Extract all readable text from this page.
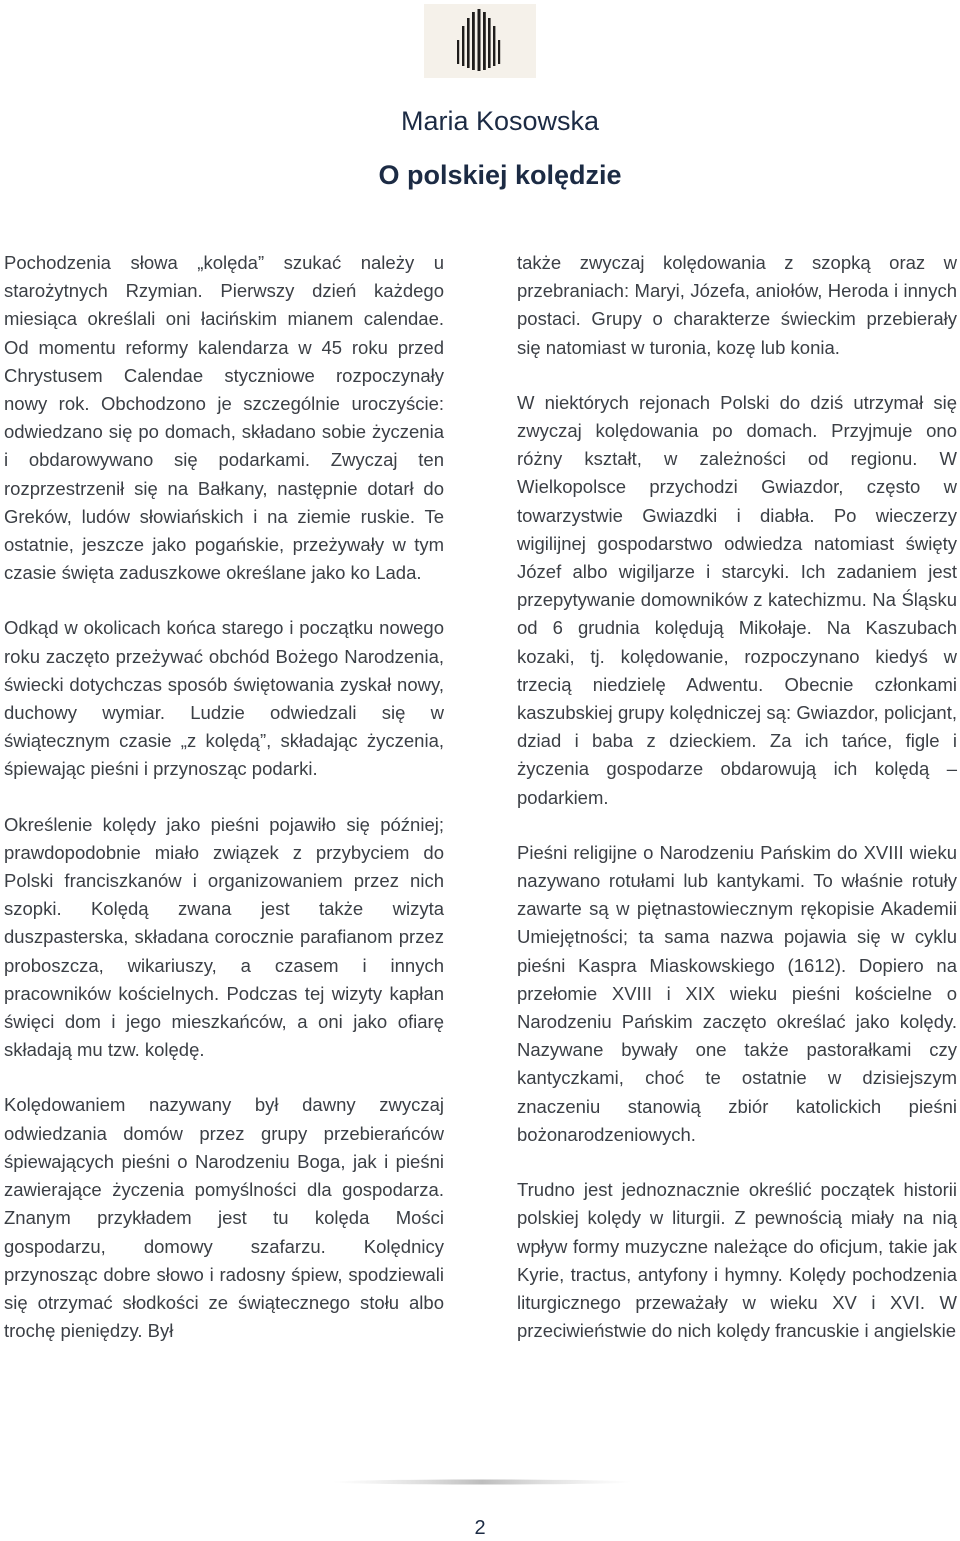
Maria Kosowska
O polskiej kolędzie

Pochodzenia słowa „kolęda” szukać należy u starożytnych Rzymian. Pierwszy dzień każdego miesiąca określali oni łacińskim mianem calendae. Od momentu reformy kalendarza w 45 roku przed Chrystusem Calendae styczniowe rozpoczynały nowy rok. Obchodzono je szczególnie uroczyście: odwiedzano się po domach, składano sobie życzenia i obdarowywano się podarkami. Zwyczaj ten rozprzestrzenił się na Bałkany, następnie dotarł do Greków, ludów słowiańskich i na ziemie ruskie. Te ostatnie, jeszcze jako pogańskie, przeżywały w tym czasie święta zaduszkowe określane jako ko Lada.

Odkąd w okolicach końca starego i początku nowego roku zaczęto przeżywać obchód Bożego Narodzenia, świecki dotychczas sposób świętowania zyskał nowy, duchowy wymiar. Ludzie odwiedzali się w świątecznym czasie „z kolędą”, składając życzenia, śpiewając pieśni i przynosząc podarki.

Określenie kolędy jako pieśni pojawiło się później; prawdopodobnie miało związek z przybyciem do Polski franciszkanów i organizowaniem przez nich szopki. Kolędą zwana jest także wizyta duszpasterska, składana corocznie parafianom przez proboszcza, wikariuszy, a czasem i innych pracowników kościelnych. Podczas tej wizyty kapłan święci dom i jego mieszkańców, a oni jako ofiarę składają mu tzw. kolędę.

Kolędowaniem nazywany był dawny zwyczaj odwiedzania domów przez grupy przebierańców śpiewających pieśni o Narodzeniu Boga, jak i pieśni zawierające życzenia pomyślności dla gospodarza. Znanym przykładem jest tu kolęda Mości gospodarzu, domowy szafarzu. Kolędnicy przynosząc dobre słowo i radosny śpiew, spodziewali się otrzymać słodkości ze świątecznego stołu albo trochę pieniędzy. Był

także zwyczaj kolędowania z szopką oraz w przebraniach: Maryi, Józefa, aniołów, Heroda i innych postaci. Grupy o charakterze świeckim przebierały się natomiast w turonia, kozę lub konia.

W niektórych rejonach Polski do dziś utrzymał się zwyczaj kolędowania po domach. Przyjmuje ono różny kształt, w zależności od regionu. W Wielkopolsce przychodzi Gwiazdor, często w towarzystwie Gwiazdki i diabła. Po wieczerzy wigilijnej gospodarstwo odwiedza natomiast święty Józef albo wigiljarze i starcyki. Ich zadaniem jest przepytywanie domowników z katechizmu. Na Śląsku od 6 grudnia kolędują Mikołaje. Na Kaszubach kozaki, tj. kolędowanie, rozpoczynano kiedyś w trzecią niedzielę Adwentu. Obecnie członkami kaszubskiej grupy kolędniczej są: Gwiazdor, policjant, dziad i baba z dzieckiem. Za ich tańce, figle i życzenia gospodarze obdarowują ich kolędą – podarkiem.

Pieśni religijne o Narodzeniu Pańskim do XVIII wieku nazywano rotułami lub kantykami. To właśnie rotuły zawarte są w piętnastowiecznym rękopisie Akademii Umiejętności; ta sama nazwa pojawia się w cyklu pieśni Kaspra Miaskowskiego (1612). Dopiero na przełomie XVIII i XIX wieku pieśni kościelne o Narodzeniu Pańskim zaczęto określać jako kolędy. Nazywane bywały one także pastorałkami czy kantyczkami, choć te ostatnie w dzisiejszym znaczeniu stanowią zbiór katolickich pieśni bożonarodzeniowych.

Trudno jest jednoznacznie określić początek historii polskiej kolędy w liturgii. Z pewnością miały na nią wpływ formy muzyczne należące do oficjum, takie jak Kyrie, tractus, antyfony i hymny. Kolędy pochodzenia liturgicznego przeważały w wieku XV i XVI. W przeciwieństwie do nich kolędy francuskie i angielskie

2
